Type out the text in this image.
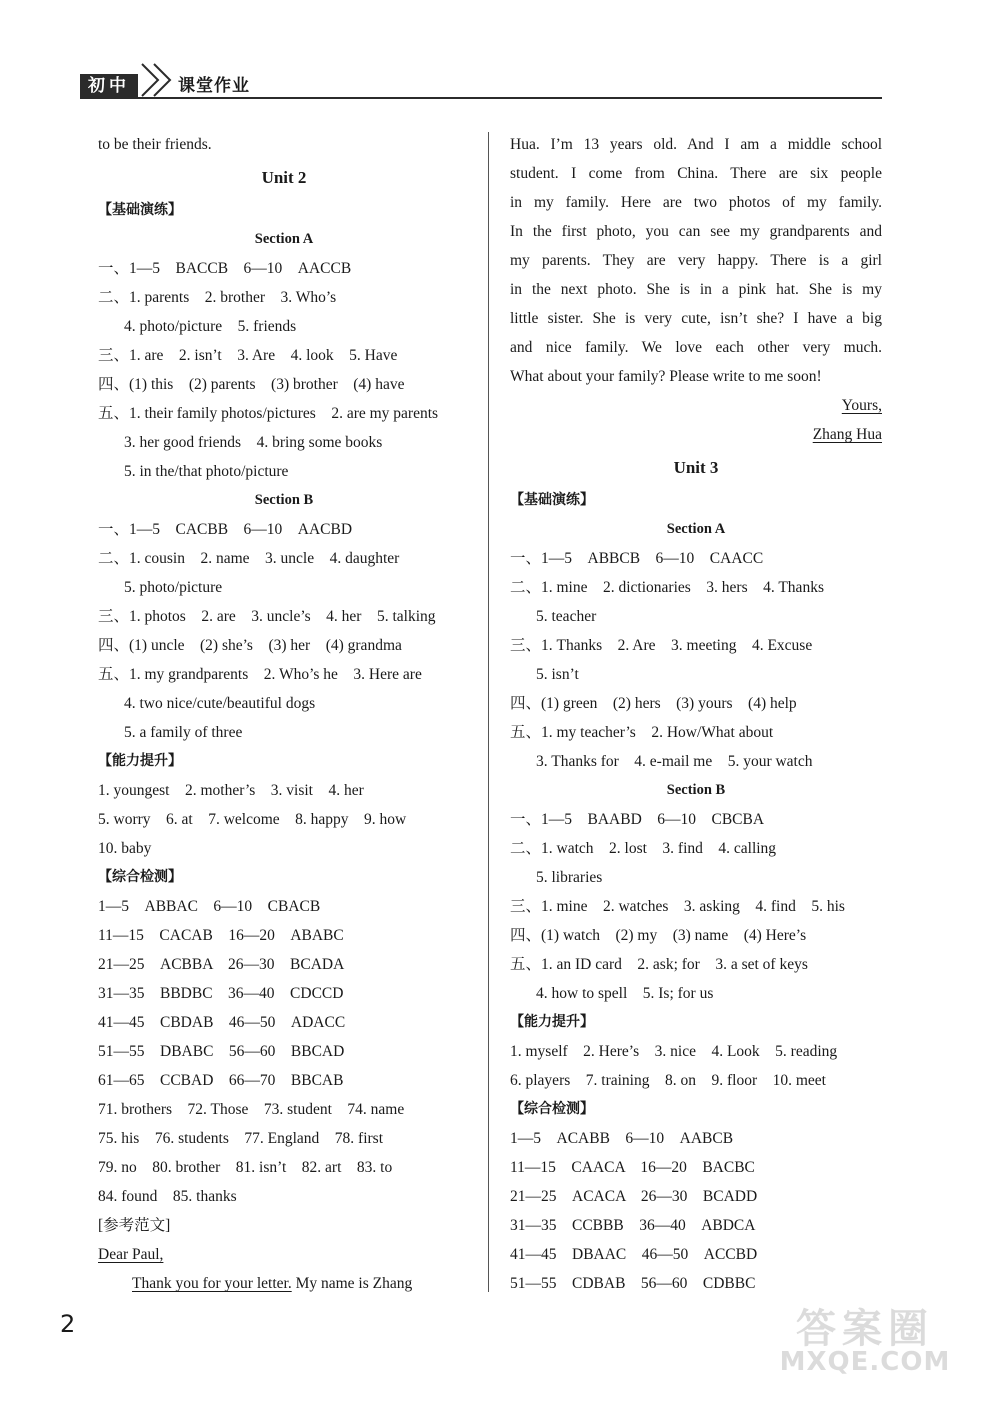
初中	课堂作业
to be their friends.
Unit 2
【基础演练】
Section A
一、1—5　BACCB　6—10　AACCB
二、1. parents　2. brother　3. Who’s
4. photo/picture　5. friends
三、1. are　2. isn’t　3. Are　4. look　5. Have
四、(1) this　(2) parents　(3) brother　(4) have
五、1. their family photos/pictures　2. are my parents
3. her good friends　4. bring some books
5. in the/that photo/picture
Section B
一、1—5　CACBB　6—10　AACBD
二、1. cousin　2. name　3. uncle　4. daughter
5. photo/picture
三、1. photos　2. are　3. uncle’s　4. her　5. talking
四、(1) uncle　(2) she’s　(3) her　(4) grandma
五、1. my grandparents　2. Who’s he　3. Here are
4. two nice/cute/beautiful dogs
5. a family of three
【能力提升】
1. youngest　2. mother’s　3. visit　4. her
5. worry　6. at　7. welcome　8. happy　9. how
10. baby
【综合检测】
1—5　ABBAC　6—10　CBACB
11—15　CACAB　16—20　ABABC
21—25　ACBBA　26—30　BCADA
31—35　BBDBC　36—40　CDCCD
41—45　CBDAB　46—50　ADACC
51—55　DBABC　56—60　BBCAD
61—65　CCBAD　66—70　BBCAB
71. brothers　72. Those　73. student　74. name
75. his　76. students　77. England　78. first
79. no　80. brother　81. isn’t　82. art　83. to
84. found　85. thanks
[参考范文]
Dear Paul,
Thank you for your letter. My name is Zhang
Hua. I’m 13 years old. And I am a middle school
student. I come from China. There are six people
in my family. Here are two photos of my family.
In the first photo, you can see my grandparents and
my parents. They are very happy. There is a girl
in the next photo. She is in a pink hat. She is my
little sister. She is very cute, isn’t she? I have a big
and nice family. We love each other very much.
What about your family? Please write to me soon!
Yours,
Zhang Hua
Unit 3
【基础演练】
Section A
一、1—5　ABBCB　6—10　CAACC
二、1. mine　2. dictionaries　3. hers　4. Thanks
5. teacher
三、1. Thanks　2. Are　3. meeting　4. Excuse
5. isn’t
四、(1) green　(2) hers　(3) yours　(4) help
五、1. my teacher’s　2. How/What about
3. Thanks for　4. e-mail me　5. your watch
Section B
一、1—5　BAABD　6—10　CBCBA
二、1. watch　2. lost　3. find　4. calling
5. libraries
三、1. mine　2. watches　3. asking　4. find　5. his
四、(1) watch　(2) my　(3) name　(4) Here’s
五、1. an ID card　2. ask; for　3. a set of keys
4. how to spell　5. Is; for us
【能力提升】
1. myself　2. Here’s　3. nice　4. Look　5. reading
6. players　7. training　8. on　9. floor　10. meet
【综合检测】
1—5　ACABB　6—10　AABCB
11—15　CAACA　16—20　BACBC
21—25　ACACA　26—30　BCADD
31—35　CCBBB　36—40　ABDCA
41—45　DBAAC　46—50　ACCBD
51—55　CDBAB　56—60　CDBBC
2	答案圈
MXQE.COM
